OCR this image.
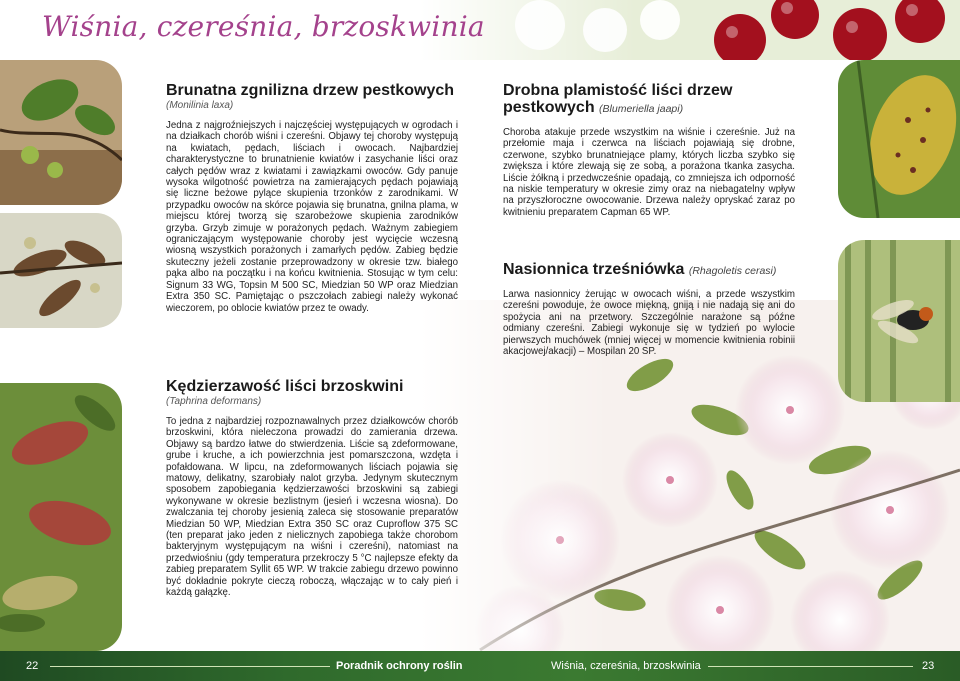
Wiśnia, czereśnia, brzoskwinia
Brunatna zgnilizna drzew pestkowych
(Monilinia laxa)

Jedna z najgroźniejszych i najczęściej występujących w ogrodach i na działkach chorób wiśni i czereśni. Objawy tej choroby występują na kwiatach, pędach, liściach i owocach. Najbardziej charakterystyczne to brunatnienie kwiatów i zasychanie liści oraz całych pędów wraz z kwiatami i zawiązkami owoców. Gdy panuje wysoka wilgotność powietrza na zamierających pędach pojawiają się liczne beżowe pylące skupienia trzonków z zarodnikami. W przypadku owoców na skórce pojawia się brunatna, gnilna plama, w miejscu której tworzą się szarobeżowe skupienia zarodników grzyba. Grzyb zimuje w porażonych pędach. Ważnym zabiegiem ograniczającym występowanie choroby jest wycięcie wczesną wiosną wszystkich porażonych i zamarłych pędów. Zabieg będzie skuteczny jeżeli zostanie przeprowadzony w okresie tzw. białego pąka albo na początku i na końcu kwitnienia. Stosując w tym celu: Signum 33 WG, Topsin M 500 SC, Miedzian 50 WP oraz Miedzian Extra 350 SC. Pamiętając o pszczołach zabiegi należy wykonać wieczorem, po oblocie kwiatów przez te owady.

Kędzierzawość liści brzoskwini
(Taphrina deformans)

To jedna z najbardziej rozpoznawalnych przez działkowców chorób brzoskwini, która nieleczona prowadzi do zamierania drzewa. Objawy są bardzo łatwe do stwierdzenia. Liście są zdeformowane, grube i kruche, a ich powierzchnia jest pomarszczona, wzdęta i pofałdowana. W lipcu, na zdeformowanych liściach pojawia się matowy, delikatny, szarobiały nalot grzyba. Jedynym skutecznym sposobem zapobiegania kędzierzawości brzoskwini są zabiegi wykonywane w okresie bezlistnym (jesień i wczesna wiosna). Do zwalczania tej choroby jesienią zaleca się stosowanie preparatów Miedzian 50 WP, Miedzian Extra 350 SC oraz Cuproflow 375 SC (ten preparat jako jeden z nielicznych zapobiega także chorobom bakteryjnym występującym na wiśni i czereśni), natomiast na przedwiośniu (gdy temperatura przekroczy 5 °C najlepsze efekty da zabieg preparatem Syllit 65 WP. W trakcie zabiegu drzewo powinno być dokładnie pokryte cieczą roboczą, włączając w to cały pień i każdą gałązkę.

Drobna plamistość liści drzew
pestkowych (Blumeriella jaapi)

Choroba atakuje przede wszystkim na wiśnie i czereśnie. Już na przełomie maja i czerwca na liściach pojawiają się drobne, czerwone, szybko brunatniejące plamy, których liczba szybko się zwiększa i które zlewają się ze sobą, a porażona tkanka zasycha. Liście żółkną i przedwcześnie opadają, co zmniejsza ich odporność na niskie temperatury w okresie zimy oraz na niebagatelny wpływ na przyszłoroczne owocowanie. Drzewa należy opryskać zaraz po kwitnieniu preparatem Capman 65 WP.

Nasionnica trześniówka (Rhagoletis cerasi)

Larwa nasionnicy żerując w owocach wiśni, a przede wszystkim czereśni powoduje, że owoce miękną, gniją i nie nadają się ani do spożycia ani na przetwory. Szczególnie narażone są późne odmiany czereśni. Zabiegi wykonuje się w tydzień po wylocie pierwszych muchówek (mniej więcej w momencie kwitnienia robinii akacjowej/akacji) – Mospilan 20 SP.

22	Poradnik ochrony roślin	Wiśnia, czereśnia, brzoskwinia	23
